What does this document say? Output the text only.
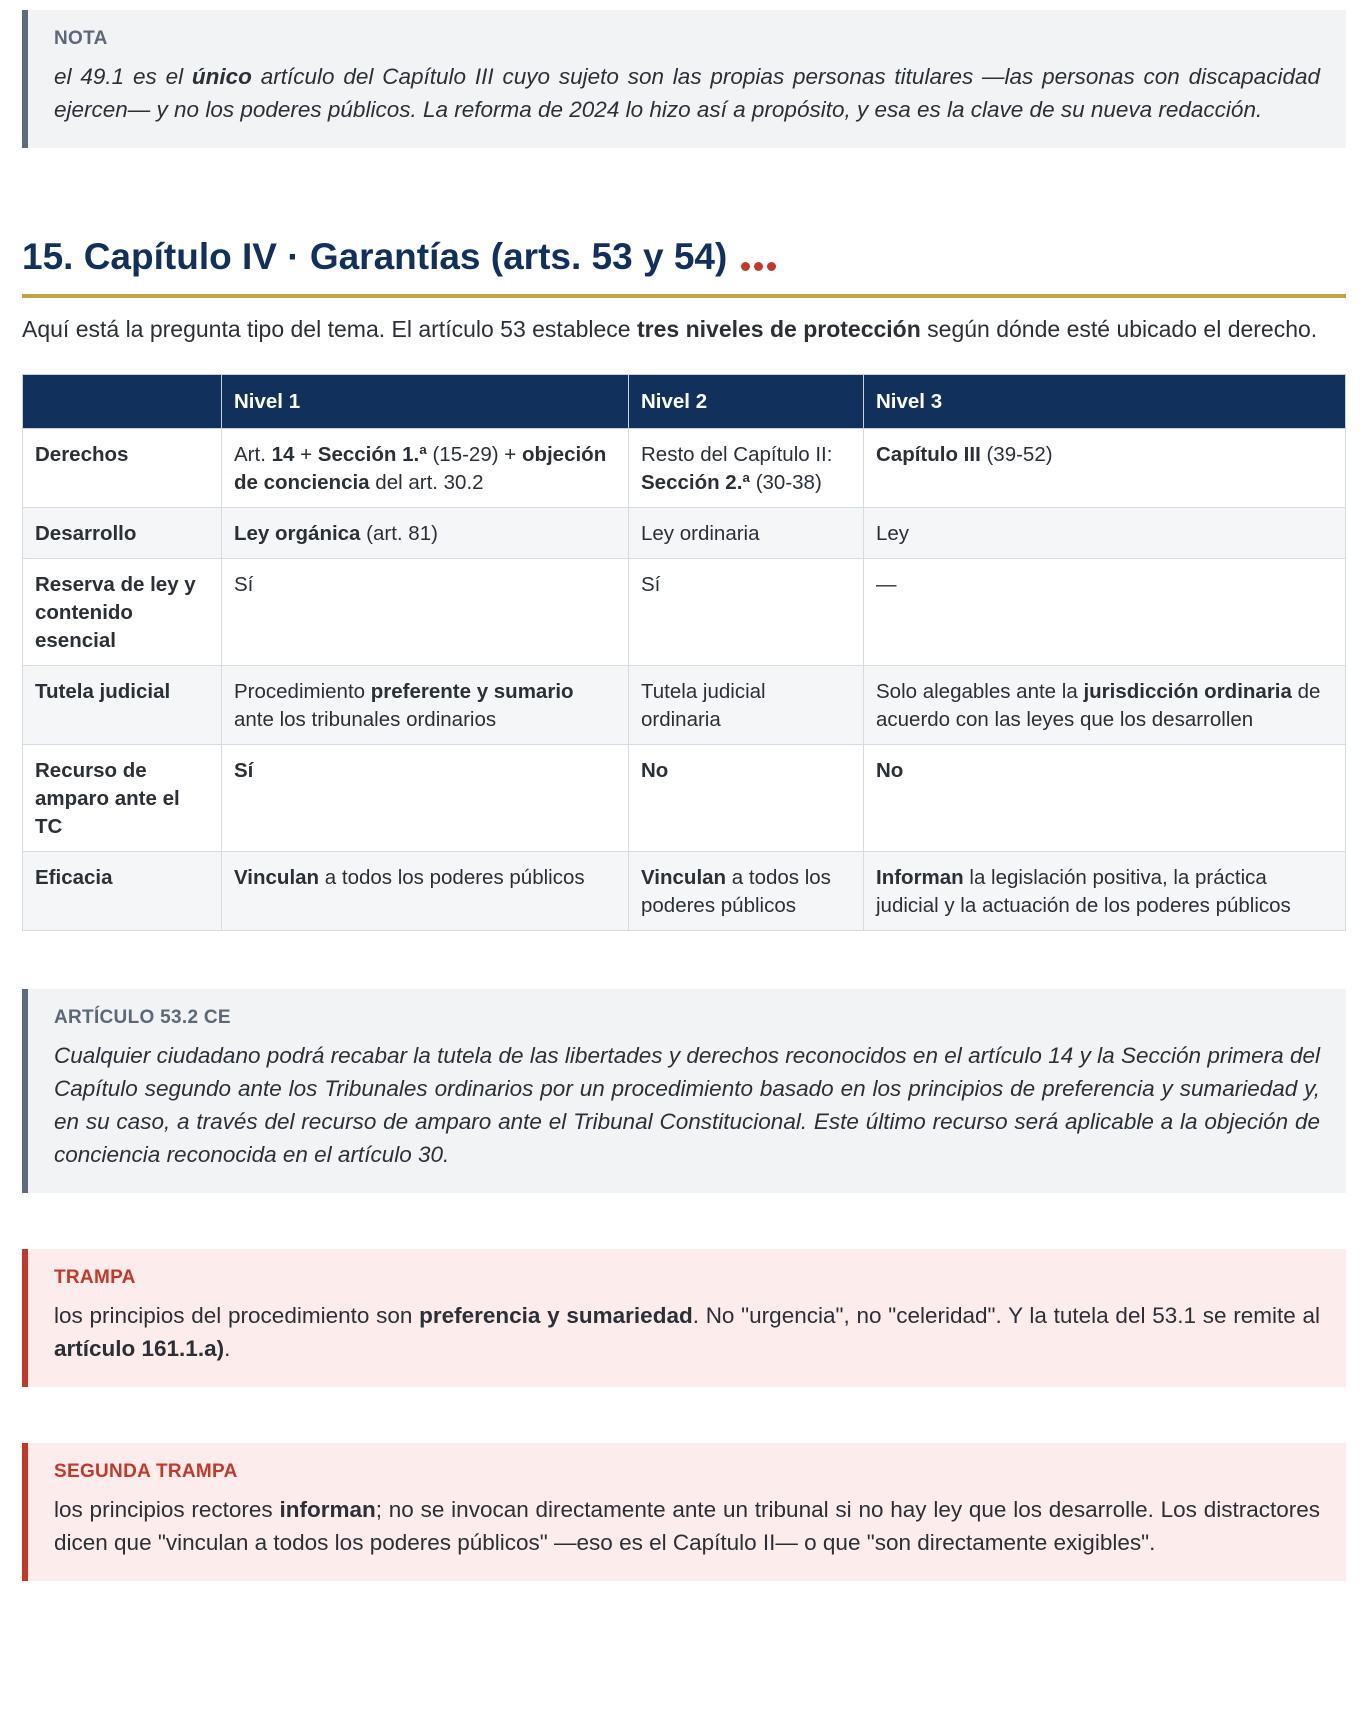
NOTA
el 49.1 es el único artículo del Capítulo III cuyo sujeto son las propias personas titulares —las personas con discapacidad ejercen— y no los poderes públicos. La reforma de 2024 lo hizo así a propósito, y esa es la clave de su nueva redacción.
15. Capítulo IV · Garantías (arts. 53 y 54)

Aquí está la pregunta tipo del tema. El artículo 53 establece tres niveles de protección según dónde esté ubicado el derecho.

	Nivel 1	Nivel 2	Nivel 3
Derechos	Art. 14 + Sección 1.ª (15-29) + objeción de conciencia del art. 30.2	Resto del Capítulo II: Sección 2.ª (30-38)	Capítulo III (39-52)
Desarrollo	Ley orgánica (art. 81)	Ley ordinaria	Ley
Reserva de ley y contenido esencial	Sí	Sí	—
Tutela judicial	Procedimiento preferente y sumario ante los tribunales ordinarios	Tutela judicial ordinaria	Solo alegables ante la jurisdicción ordinaria de acuerdo con las leyes que los desarrollen
Recurso de amparo ante el TC	Sí	No	No
Eficacia	Vinculan a todos los poderes públicos	Vinculan a todos los poderes públicos	Informan la legislación positiva, la práctica judicial y la actuación de los poderes públicos
ARTÍCULO 53.2 CE
Cualquier ciudadano podrá recabar la tutela de las libertades y derechos reconocidos en el artículo 14 y la Sección primera del Capítulo segundo ante los Tribunales ordinarios por un procedimiento basado en los principios de preferencia y sumariedad y, en su caso, a través del recurso de amparo ante el Tribunal Constitucional. Este último recurso será aplicable a la objeción de conciencia reconocida en el artículo 30.
TRAMPA
los principios del procedimiento son preferencia y sumariedad. No "urgencia", no "celeridad". Y la tutela del 53.1 se remite al artículo 161.1.a).
SEGUNDA TRAMPA
los principios rectores informan; no se invocan directamente ante un tribunal si no hay ley que los desarrolle. Los distractores dicen que "vinculan a todos los poderes públicos" —eso es el Capítulo II— o que "son directamente exigibles".
